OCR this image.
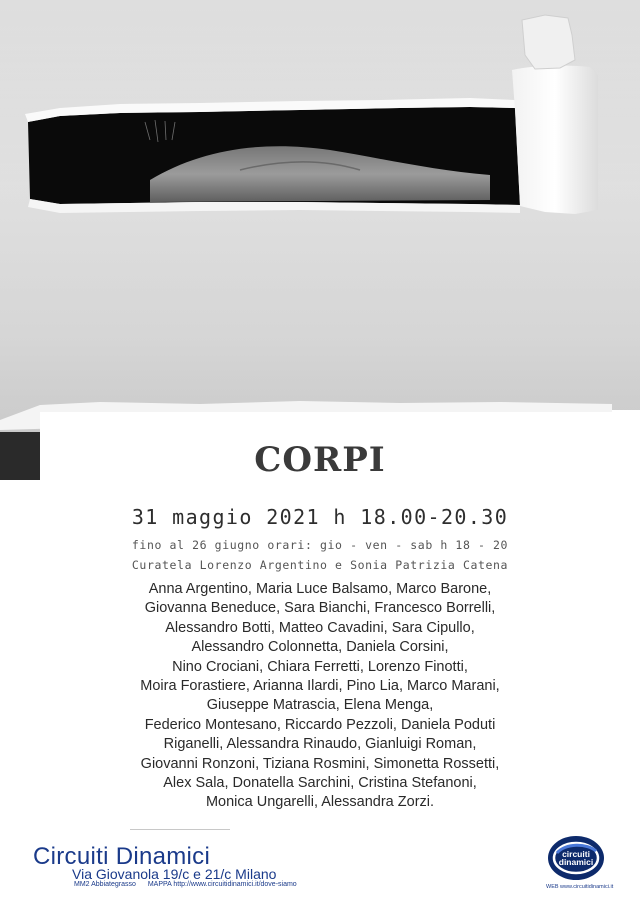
CORPI
31 maggio 2021 h 18.00-20.30
fino al 26 giugno orari: gio - ven - sab h 18 - 20
Curatela Lorenzo Argentino e Sonia Patrizia Catena
Anna Argentino, Maria Luce Balsamo, Marco Barone,
Giovanna Beneduce, Sara Bianchi, Francesco Borrelli,
Alessandro Botti, Matteo Cavadini, Sara Cipullo,
Alessandro Colonnetta, Daniela Corsini,
Nino Crociani, Chiara Ferretti, Lorenzo Finotti,
Moira Forastiere, Arianna Ilardi, Pino Lia, Marco Marani,
Giuseppe Matrascia, Elena Menga,
Federico Montesano, Riccardo Pezzoli, Daniela Poduti
Riganelli, Alessandra Rinaudo, Gianluigi Roman,
Giovanni Ronzoni, Tiziana Rosmini, Simonetta Rossetti,
Alex Sala, Donatella Sarchini, Cristina Stefanoni,
Monica Ungarelli, Alessandra Zorzi.
Circuiti Dinamici
Via Giovanola 19/c e 21/c Milano
MM2 Abbiategrasso MAPPA http://www.circuitidinamici.it/dove-siamo
circuiti
dinamici
WEB www.circuitidinamici.it
